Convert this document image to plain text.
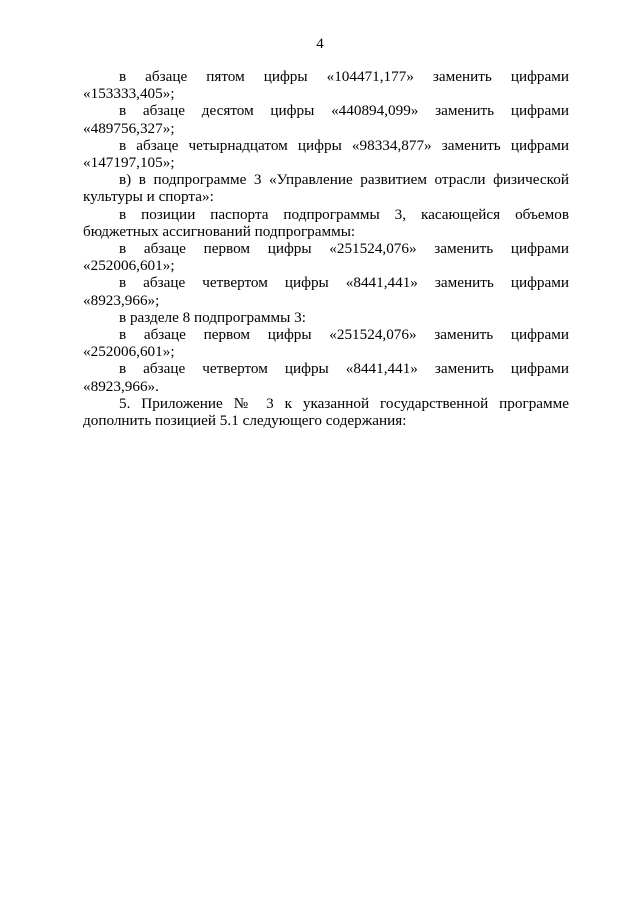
4

в абзаце пятом цифры «104471,177» заменить цифрами «153333,405»;

в абзаце десятом цифры «440894,099» заменить цифрами «489756,327»;

в абзаце четырнадцатом цифры «98334,877» заменить цифрами «147197,105»;

в) в подпрограмме 3 «Управление развитием отрасли физической культуры и спорта»:

в позиции паспорта подпрограммы 3, касающейся объемов бюджетных ассигнований подпрограммы:

в абзаце первом цифры «251524,076» заменить цифрами «252006,601»;

в абзаце четвертом цифры «8441,441» заменить цифрами «8923,966»;

в разделе 8 подпрограммы 3:

в абзаце первом цифры «251524,076» заменить цифрами «252006,601»;

в абзаце четвертом цифры «8441,441» заменить цифрами «8923,966».

5. Приложение № 3 к указанной государственной программе дополнить позицией 5.1 следующего содержания:
